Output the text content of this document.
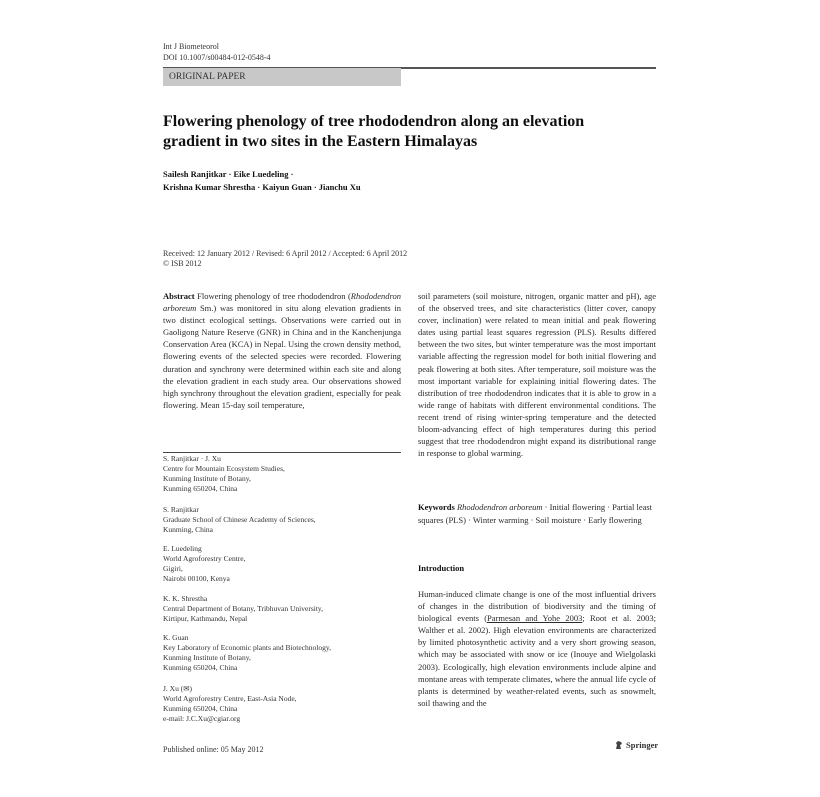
Int J Biometeorol
DOI 10.1007/s00484-012-0548-4
ORIGINAL PAPER
Flowering phenology of tree rhododendron along an elevation
gradient in two sites in the Eastern Himalayas
Sailesh Ranjitkar · Eike Luedeling ·
Krishna Kumar Shrestha · Kaiyun Guan · Jianchu Xu
Received: 12 January 2012 / Revised: 6 April 2012 / Accepted: 6 April 2012
© ISB 2012

Abstract Flowering phenology of tree rhododendron (Rhododendron arboreum Sm.) was monitored in situ along elevation gradients in two distinct ecological settings. Observations were carried out in Gaoligong Nature Reserve (GNR) in China and in the Kanchenjunga Conservation Area (KCA) in Nepal. Using the crown density method, flowering events of the selected species were recorded. Flowering duration and synchrony were determined within each site and along the elevation gradient in each study area. Our observations showed high synchrony throughout the elevation gradient, especially for peak flowering. Mean 15-day soil temperature,

S. Ranjitkar · J. Xu
Centre for Mountain Ecosystem Studies,
Kunming Institute of Botany,
Kunming 650204, China
S. Ranjitkar
Graduate School of Chinese Academy of Sciences,
Kunming, China
E. Luedeling
World Agroforestry Centre,
Gigiri,
Nairobi 00100, Kenya
K. K. Shrestha
Central Department of Botany, Tribhuvan University,
Kirtipur, Kathmandu, Nepal
K. Guan
Key Laboratory of Economic plants and Biotechnology,
Kunming Institute of Botany,
Kunming 650204, China
J. Xu (✉)
World Agroforestry Centre, East-Asia Node,
Kunming 650204, China
e-mail: J.C.Xu@cgiar.org

soil parameters (soil moisture, nitrogen, organic matter and pH), age of the observed trees, and site characteristics (litter cover, canopy cover, inclination) were related to mean initial and peak flowering dates using partial least squares regression (PLS). Results differed between the two sites, but winter temperature was the most important variable affecting the regression model for both initial flowering and peak flowering at both sites. After temperature, soil moisture was the most important variable for explaining initial flowering dates. The distribution of tree rhododendron indicates that it is able to grow in a wide range of habitats with different environmental conditions. The recent trend of rising winter-spring temperature and the detected bloom-advancing effect of high temperatures during this period suggest that tree rhododendron might expand its distributional range in response to global warming.

Keywords Rhododendron arboreum · Initial flowering · Partial least squares (PLS) · Winter warming · Soil moisture · Early flowering
Introduction
Human-induced climate change is one of the most influential drivers of changes in the distribution of biodiversity and the timing of biological events (Parmesan and Yohe 2003; Root et al. 2003; Walther et al. 2002). High elevation environments are characterized by limited photosynthetic activity and a very short growing season, which may be associated with snow or ice (Inouye and Wielgolaski 2003). Ecologically, high elevation environments include alpine and montane areas with temperate climates, where the annual life cycle of plants is determined by weather-related events, such as snowmelt, soil thawing and the
Published online: 05 May 2012	Springer
